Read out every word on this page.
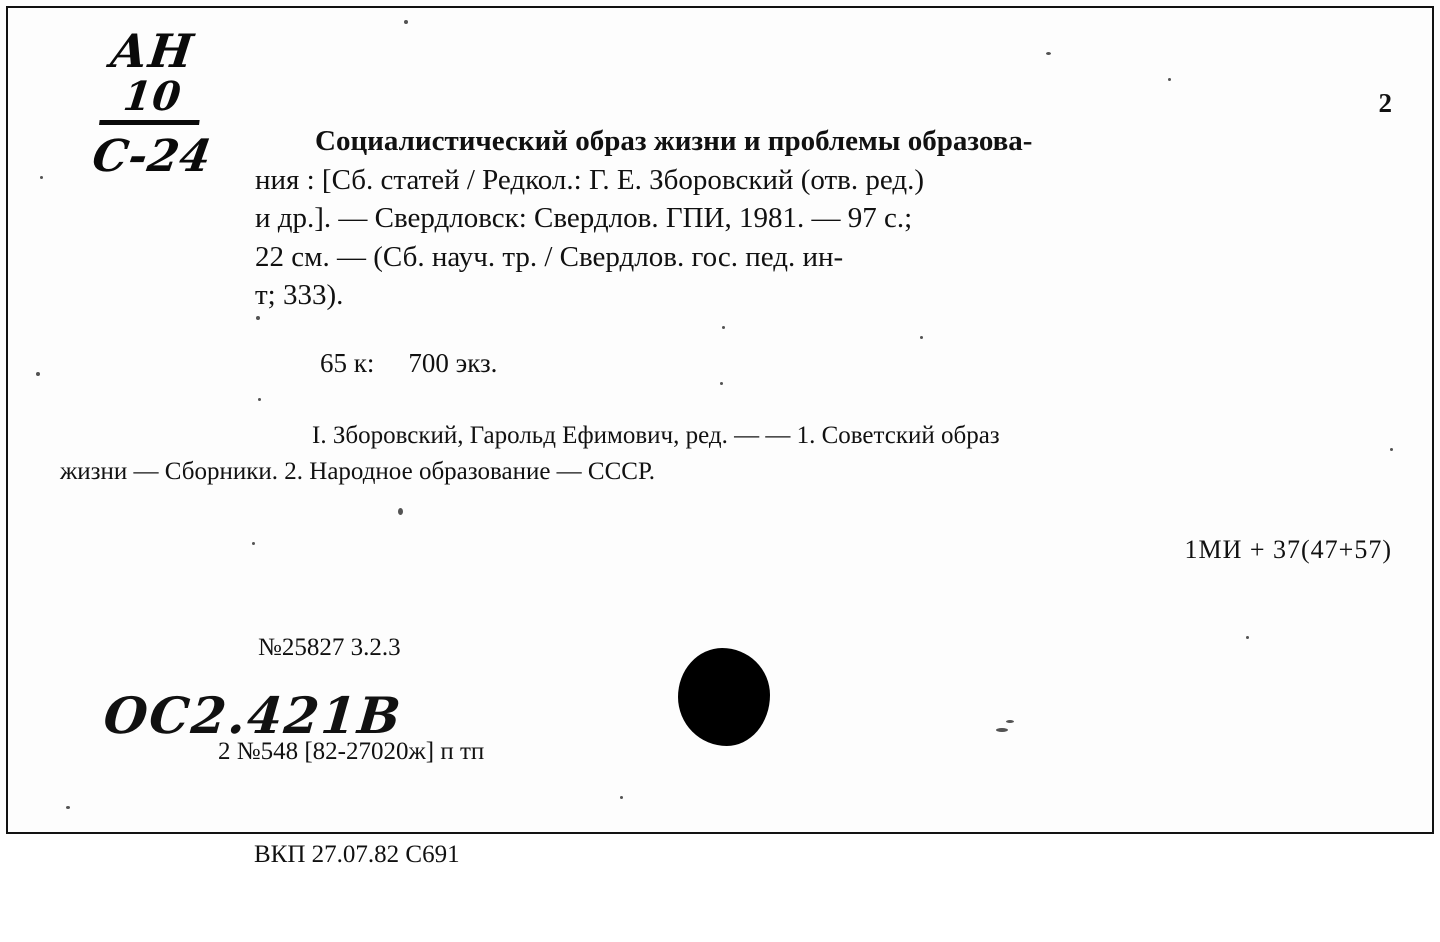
АН
10
С-24
2
Социалистический образ жизни и проблемы образова-
ния : [Сб. статей / Редкол.: Г. Е. Зборовский (отв. ред.)
и др.]. — Свердловск: Свердлов. ГПИ, 1981. — 97 с.;
22 см. — (Сб. науч. тр. / Свердлов. гос. пед. ин-
т; 333).
65 к: 700 экз.
I. Зборовский, Гарольд Ефимович, ред. — — 1. Советский образ
жизни — Сборники. 2. Народное образование — СССР.
1МИ + 37(47+57)

№25827 3.2.3

2 №548 [82-27020ж] п тп

ВКП 27.07.82 С691

ОС2.421В
